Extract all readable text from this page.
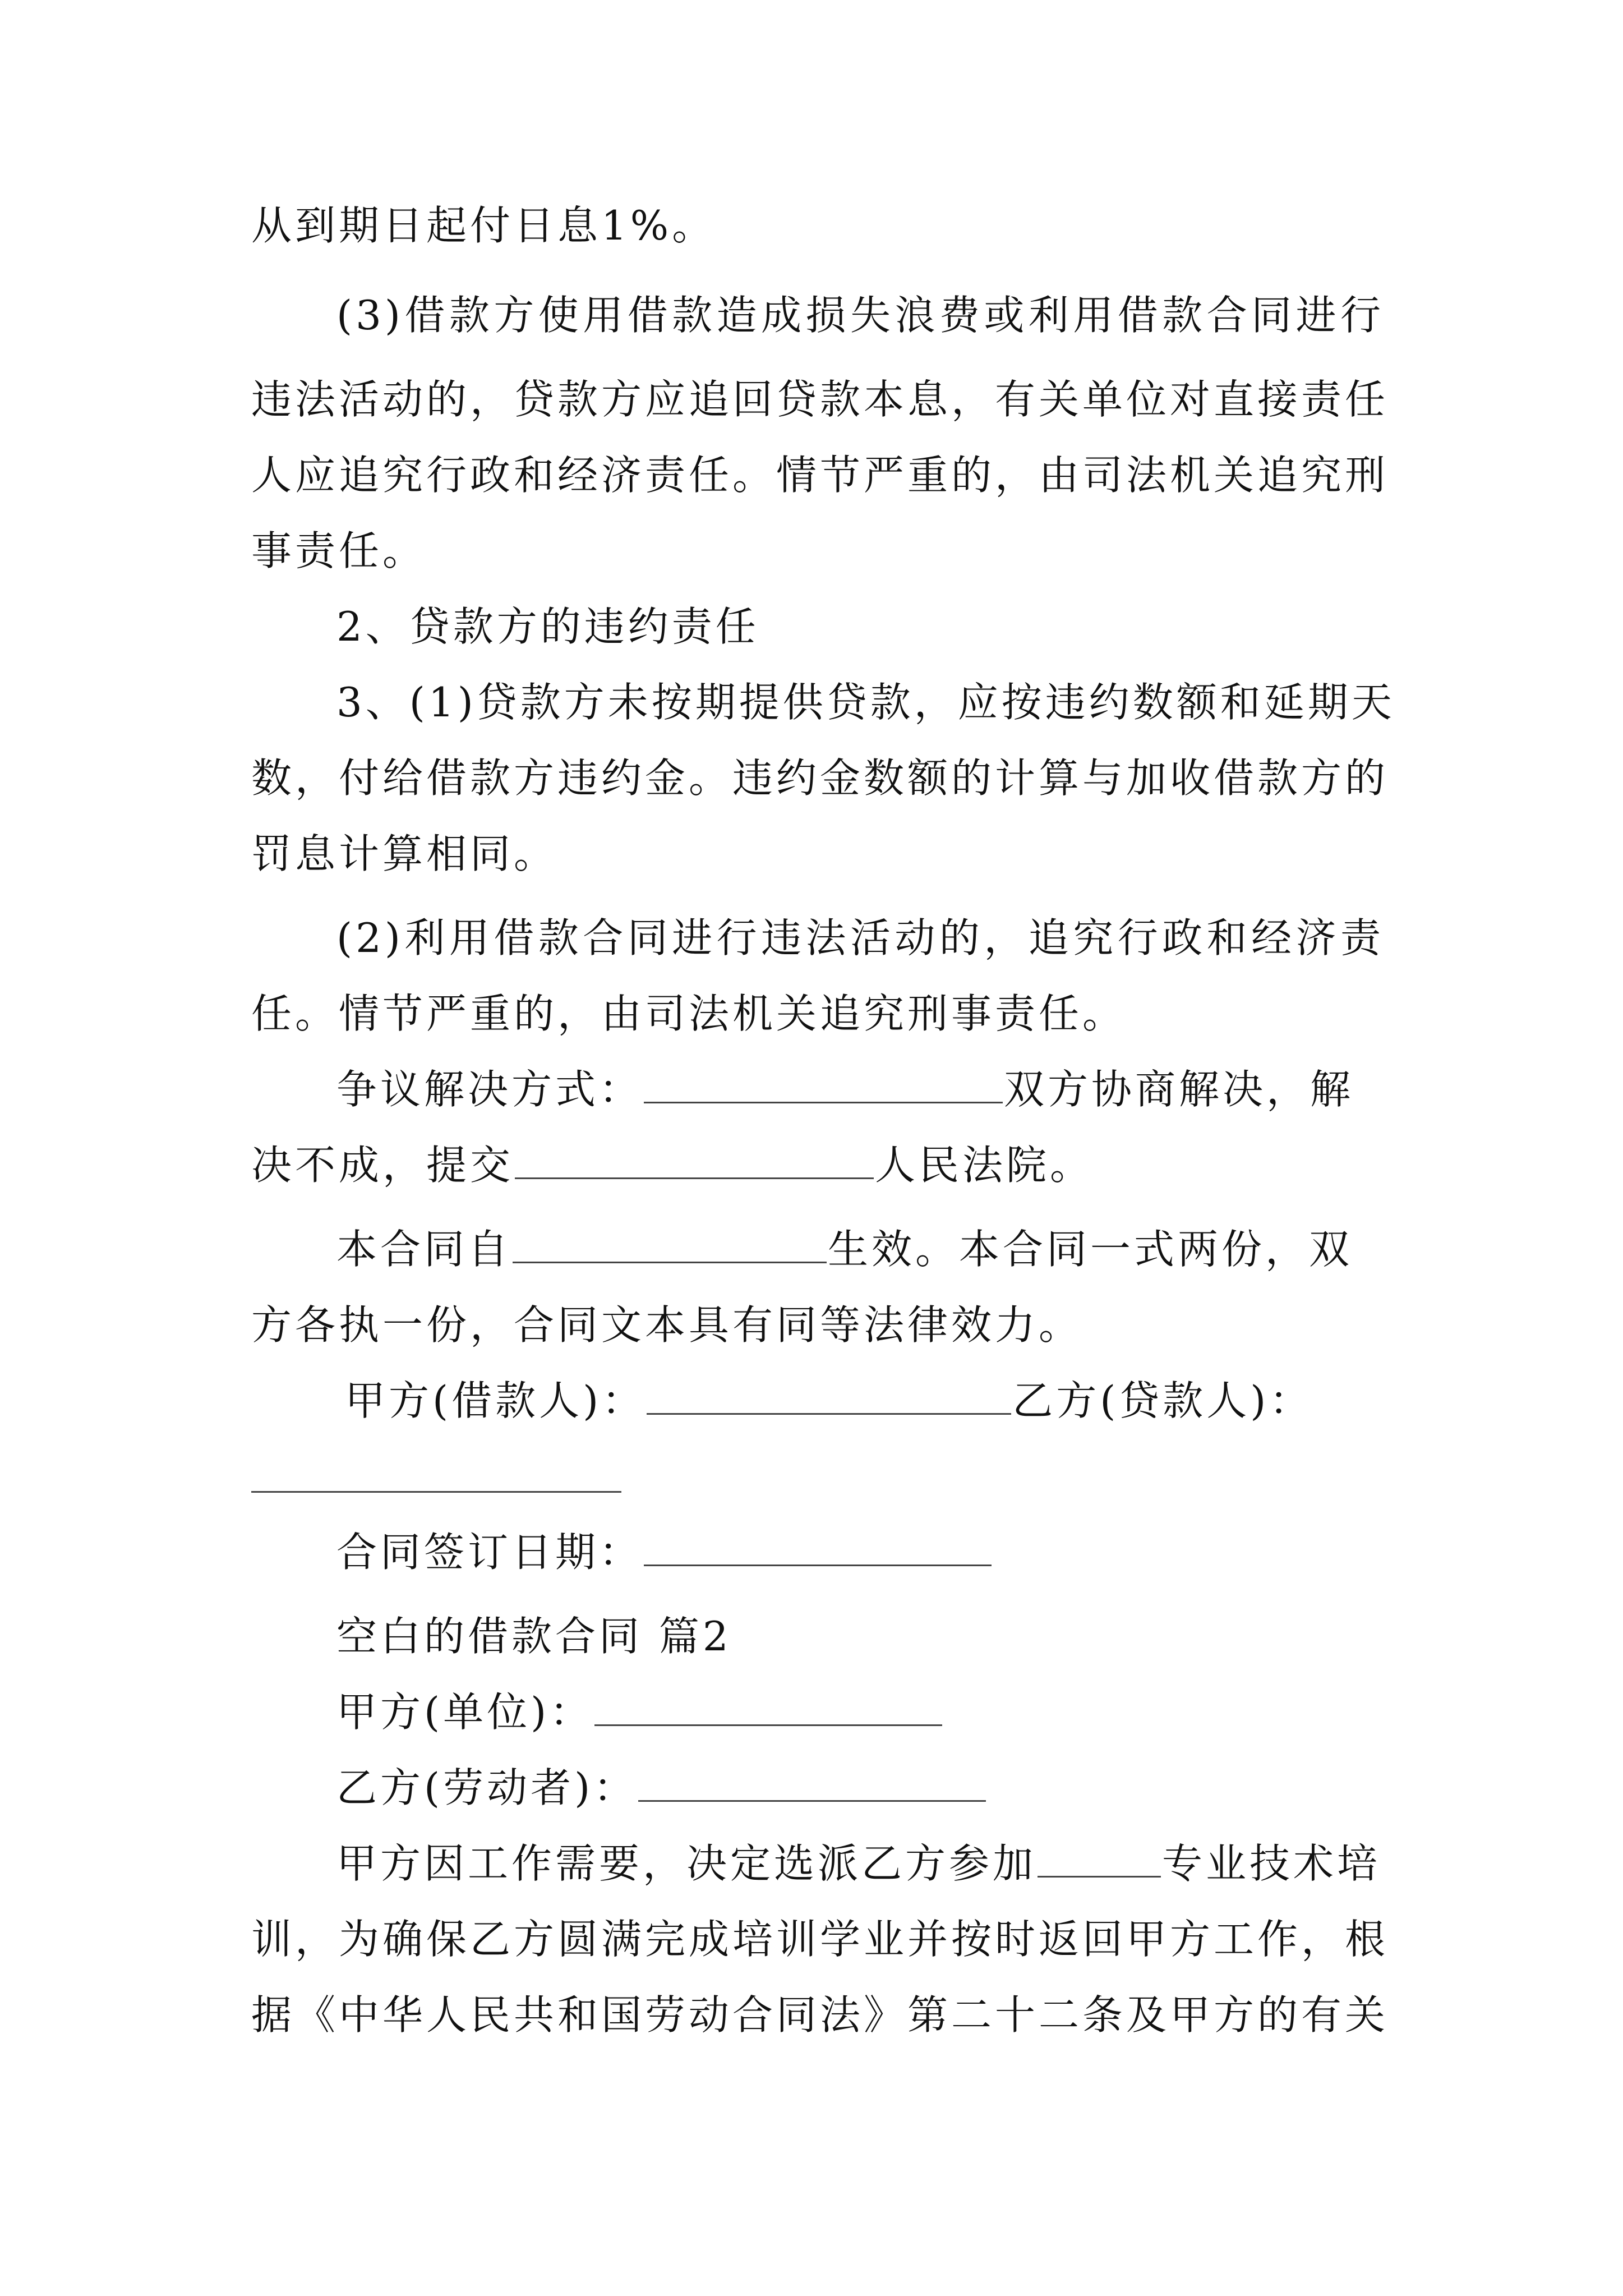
从到期日起付日息1%。
(3)借款方使用借款造成损失浪费或利用借款合同进行
违法活动的，贷款方应追回贷款本息，有关单位对直接责任
人应追究行政和经济责任。情节严重的，由司法机关追究刑
事责任。
2、贷款方的违约责任
3、(1)贷款方未按期提供贷款，应按违约数额和延期天
数，付给借款方违约金。违约金数额的计算与加收借款方的
罚息计算相同。
(2)利用借款合同进行违法活动的，追究行政和经济责
任。情节严重的，由司法机关追究刑事责任。
争议解决方式：	双方协商解决，解
决不成，提交	人民法院。
本合同自	生效。本合同一式两份，双
方各执一份，合同文本具有同等法律效力。
甲方(借款人)：	乙方(贷款人)：
合同签订日期：
空白的借款合同 篇2
甲方(单位)：
乙方(劳动者)：
甲方因工作需要，决定选派乙方参加	专业技术培
训，为确保乙方圆满完成培训学业并按时返回甲方工作，根
据《中华人民共和国劳动合同法》第二十二条及甲方的有关
